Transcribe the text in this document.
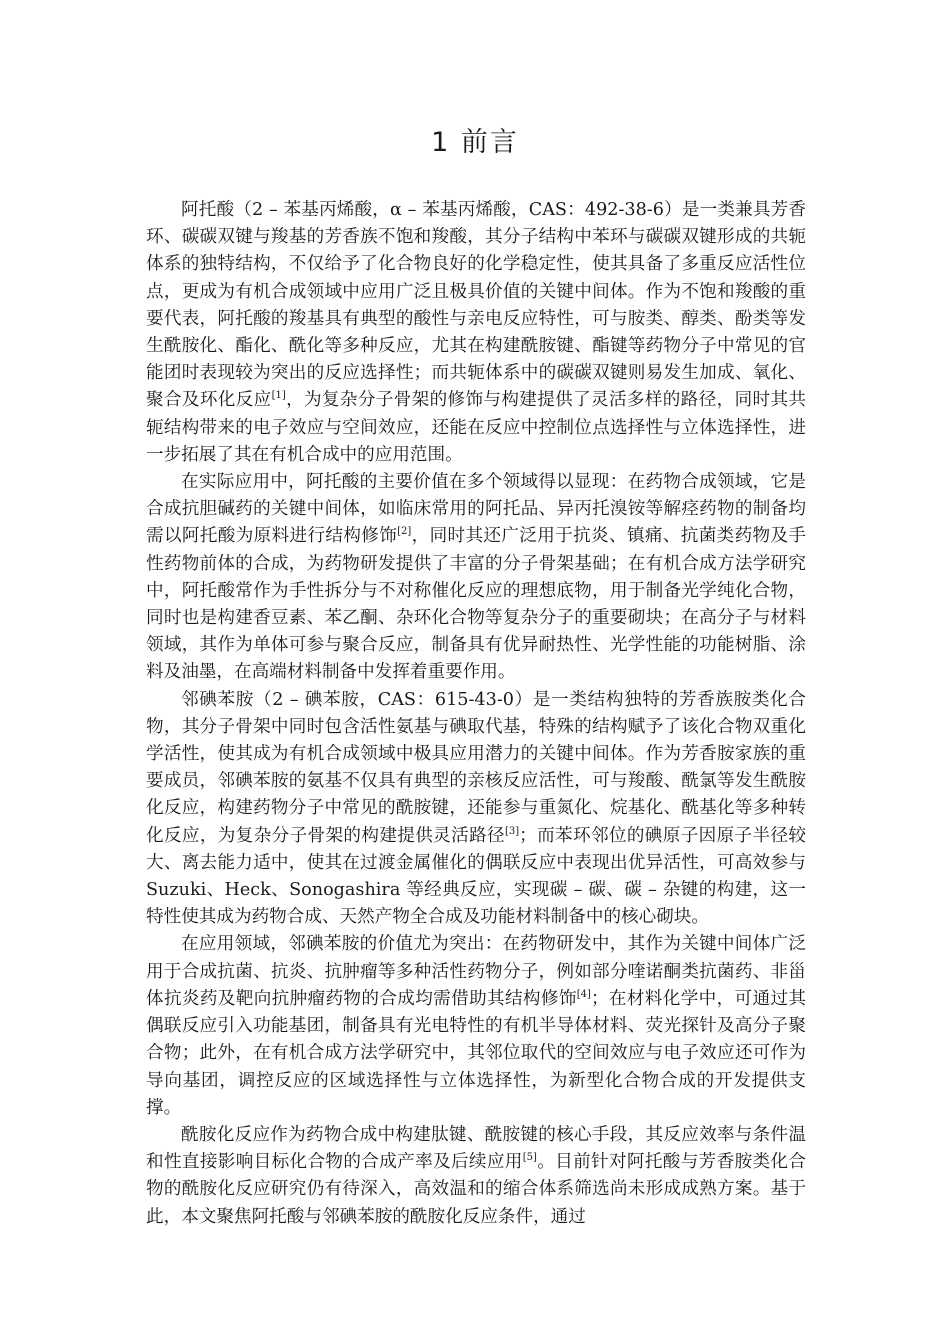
1 前言

阿托酸（2 – 苯基丙烯酸，α – 苯基丙烯酸，CAS：492-38-6）是一类兼具芳香环、碳碳双键与羧基的芳香族不饱和羧酸，其分子结构中苯环与碳碳双键形成的共轭体系的独特结构，不仅给予了化合物良好的化学稳定性，使其具备了多重反应活性位点，更成为有机合成领域中应用广泛且极具价值的关键中间体。作为不饱和羧酸的重要代表，阿托酸的羧基具有典型的酸性与亲电反应特性，可与胺类、醇类、酚类等发生酰胺化、酯化、酰化等多种反应，尤其在构建酰胺键、酯键等药物分子中常见的官能团时表现较为突出的反应选择性；而共轭体系中的碳碳双键则易发生加成、氧化、聚合及环化反应[1]，为复杂分子骨架的修饰与构建提供了灵活多样的路径，同时其共轭结构带来的电子效应与空间效应，还能在反应中控制位点选择性与立体选择性，进一步拓展了其在有机合成中的应用范围。

在实际应用中，阿托酸的主要价值在多个领域得以显现：在药物合成领域，它是合成抗胆碱药的关键中间体，如临床常用的阿托品、异丙托溴铵等解痉药物的制备均需以阿托酸为原料进行结构修饰[2]，同时其还广泛用于抗炎、镇痛、抗菌类药物及手性药物前体的合成，为药物研发提供了丰富的分子骨架基础；在有机合成方法学研究中，阿托酸常作为手性拆分与不对称催化反应的理想底物，用于制备光学纯化合物，同时也是构建香豆素、苯乙酮、杂环化合物等复杂分子的重要砌块；在高分子与材料领域，其作为单体可参与聚合反应，制备具有优异耐热性、光学性能的功能树脂、涂料及油墨，在高端材料制备中发挥着重要作用。

邻碘苯胺（2 – 碘苯胺，CAS：615-43-0）是一类结构独特的芳香族胺类化合物，其分子骨架中同时包含活性氨基与碘取代基，特殊的结构赋予了该化合物双重化学活性，使其成为有机合成领域中极具应用潜力的关键中间体。作为芳香胺家族的重要成员，邻碘苯胺的氨基不仅具有典型的亲核反应活性，可与羧酸、酰氯等发生酰胺化反应，构建药物分子中常见的酰胺键，还能参与重氮化、烷基化、酰基化等多种转化反应，为复杂分子骨架的构建提供灵活路径[3]；而苯环邻位的碘原子因原子半径较大、离去能力适中，使其在过渡金属催化的偶联反应中表现出优异活性，可高效参与 Suzuki、Heck、Sonogashira 等经典反应，实现碳 – 碳、碳 – 杂键的构建，这一特性使其成为药物合成、天然产物全合成及功能材料制备中的核心砌块。

在应用领域，邻碘苯胺的价值尤为突出：在药物研发中，其作为关键中间体广泛用于合成抗菌、抗炎、抗肿瘤等多种活性药物分子，例如部分喹诺酮类抗菌药、非甾体抗炎药及靶向抗肿瘤药物的合成均需借助其结构修饰[4]；在材料化学中，可通过其偶联反应引入功能基团，制备具有光电特性的有机半导体材料、荧光探针及高分子聚合物；此外，在有机合成方法学研究中，其邻位取代的空间效应与电子效应还可作为导向基团，调控反应的区域选择性与立体选择性，为新型化合物合成的开发提供支撑。

酰胺化反应作为药物合成中构建肽键、酰胺键的核心手段，其反应效率与条件温和性直接影响目标化合物的合成产率及后续应用[5]。目前针对阿托酸与芳香胺类化合物的酰胺化反应研究仍有待深入，高效温和的缩合体系筛选尚未形成成熟方案。基于此，本文聚焦阿托酸与邻碘苯胺的酰胺化反应条件，通过
